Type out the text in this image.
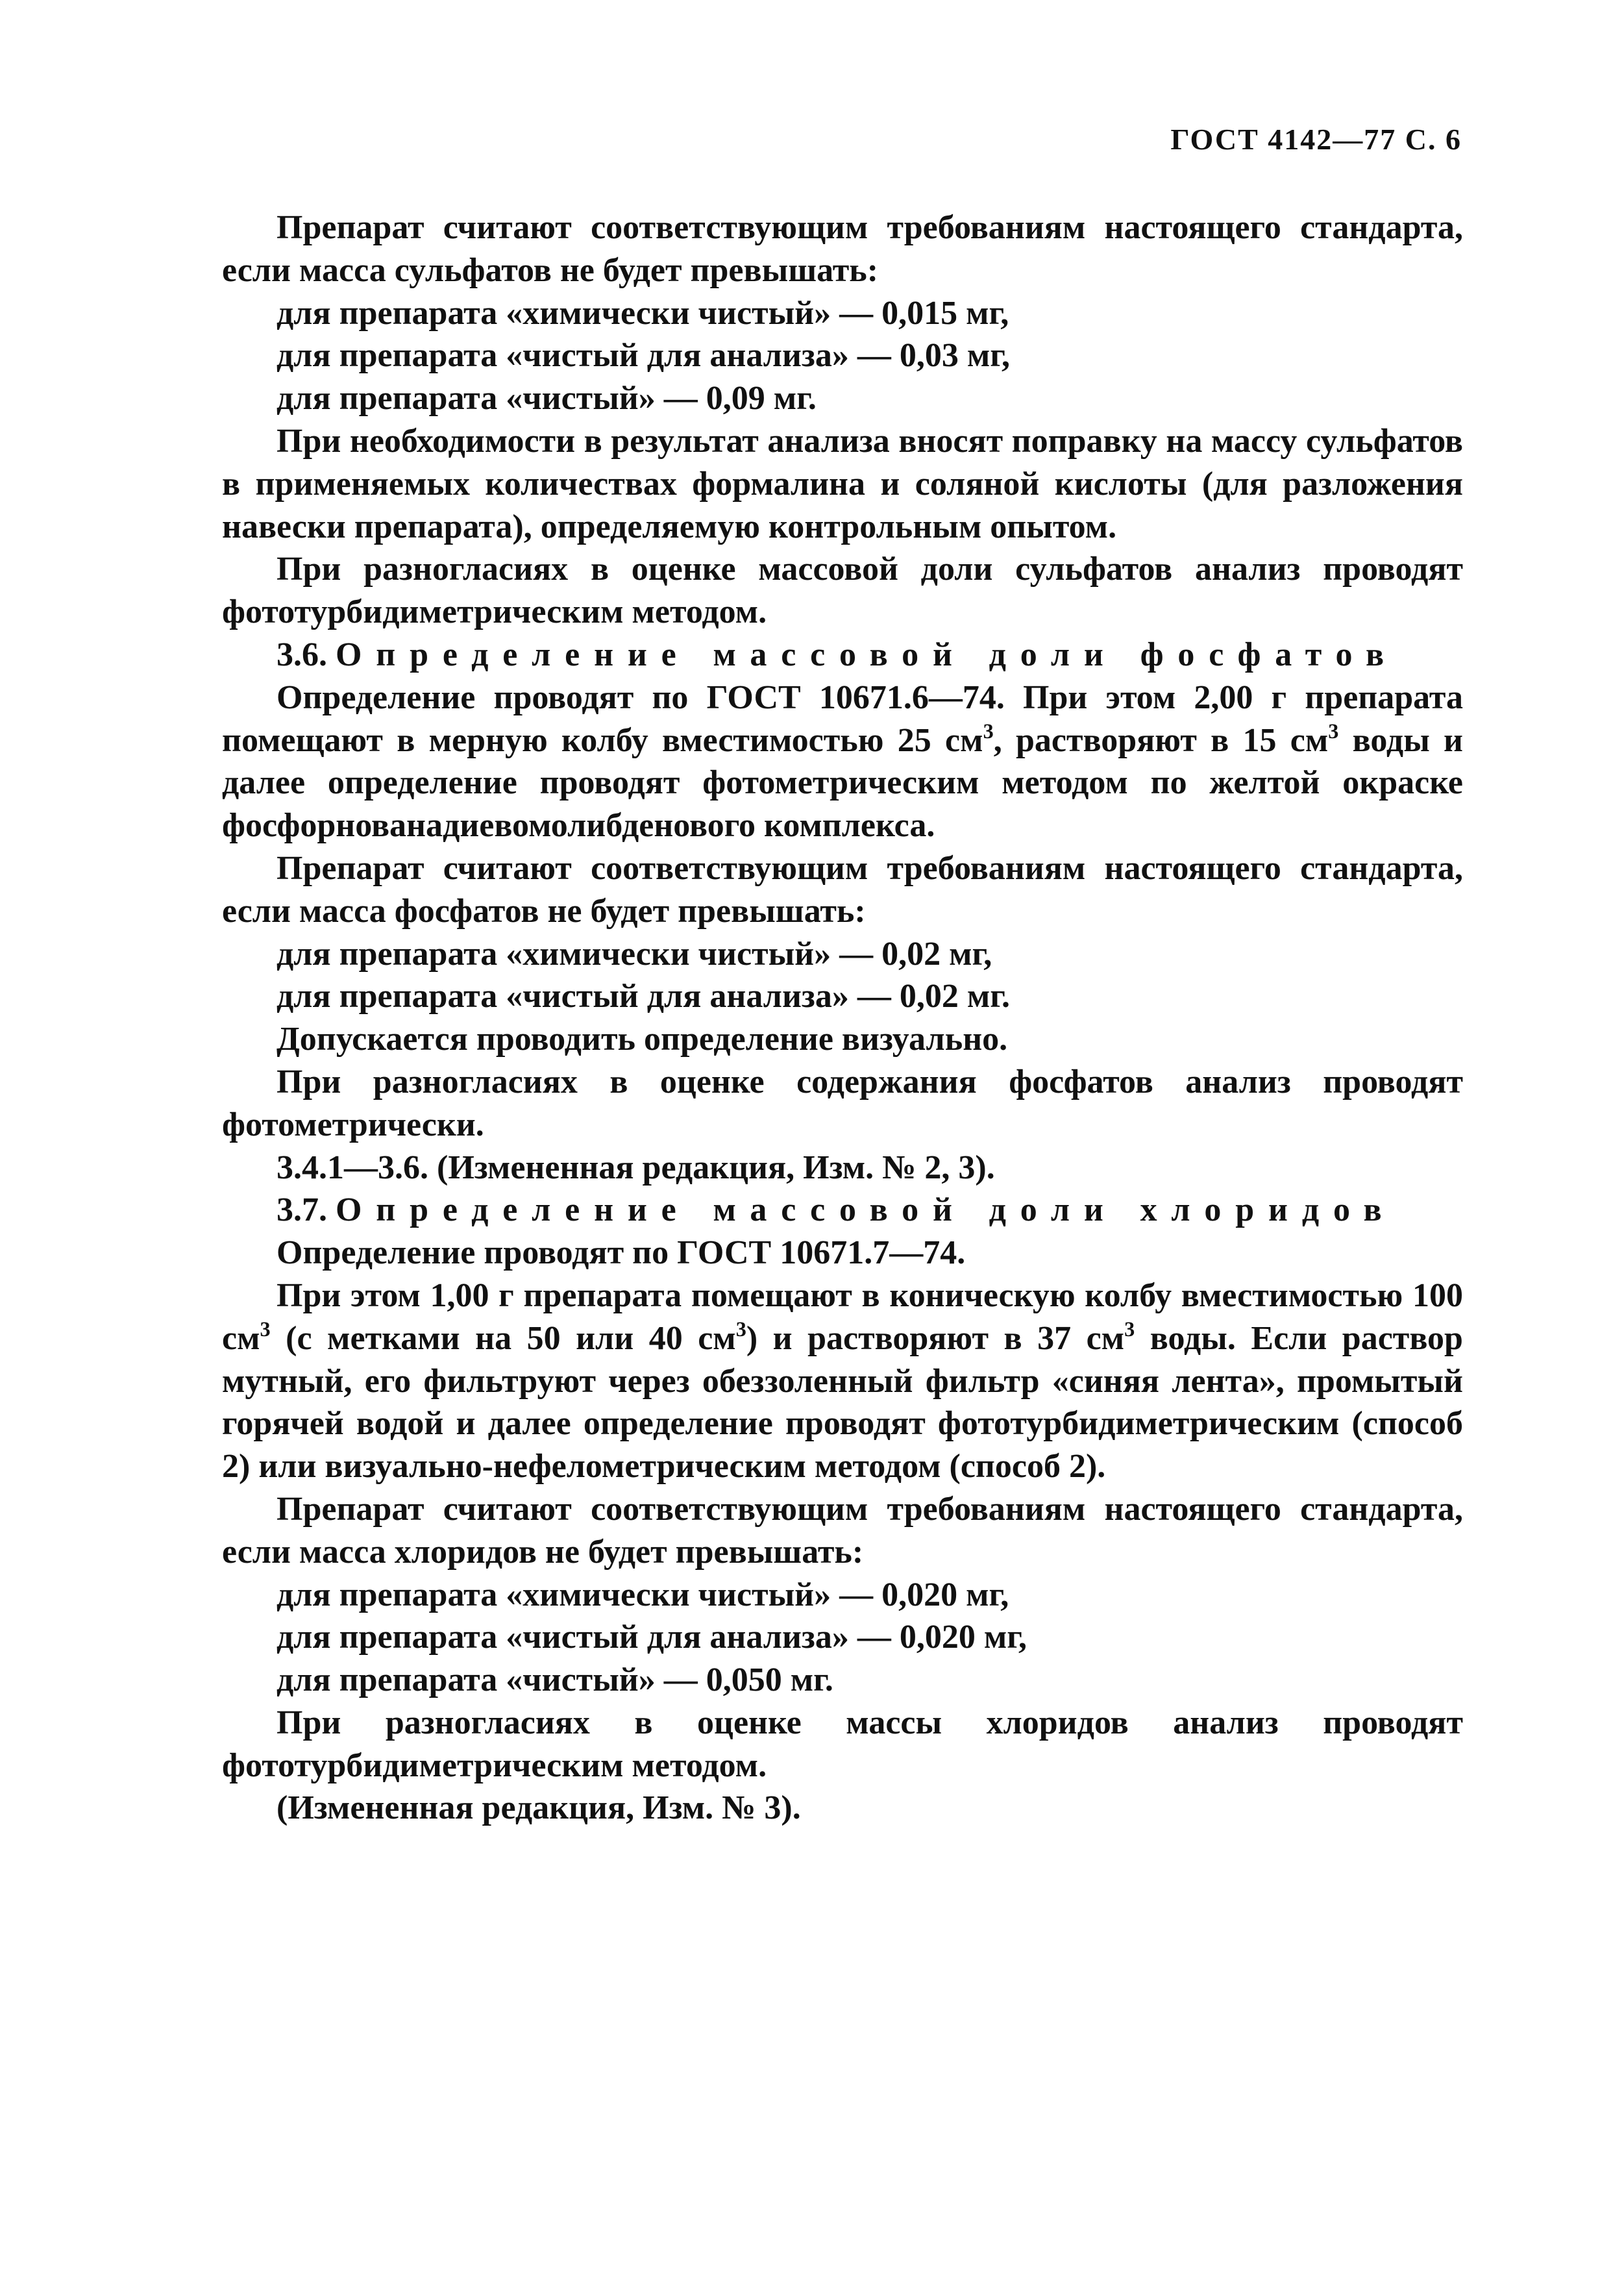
ГОСТ 4142—77 С. 6

Препарат считают соответствующим требованиям настоящего стандарта, если масса сульфатов не будет превышать:

для препарата «химически чистый» — 0,015 мг,

для препарата «чистый для анализа» — 0,03 мг,

для препарата «чистый» — 0,09 мг.

При необходимости в результат анализа вносят поправку на массу сульфатов в применяемых количествах формалина и соляной кислоты (для разложения навески препарата), определяемую контрольным опытом.

При разногласиях в оценке массовой доли сульфатов анализ проводят фототурбидиметрическим методом.

3.6. Определение массовой доли фосфатов

Определение проводят по ГОСТ 10671.6—74. При этом 2,00 г препарата помещают в мерную колбу вместимостью 25 $см^3$, растворяют в 15 $см^3$ воды и далее определение проводят фотометрическим методом по желтой окраске фосфорнованадиевомолибденового комплекса.

Препарат считают соответствующим требованиям настоящего стандарта, если масса фосфатов не будет превышать:

для препарата «химически чистый» — 0,02 мг,

для препарата «чистый для анализа» — 0,02 мг.

Допускается проводить определение визуально.

При разногласиях в оценке содержания фосфатов анализ проводят фотометрически.

3.4.1—3.6. (Измененная редакция, Изм. № 2, 3).

3.7. Определение массовой доли хлоридов

Определение проводят по ГОСТ 10671.7—74.

При этом 1,00 г препарата помещают в коническую колбу вместимостью 100 $см^3$ (с метками на 50 или 40 $см^3$) и растворяют в 37 $см^3$ воды. Если раствор мутный, его фильтруют через обеззоленный фильтр «синяя лента», промытый горячей водой и далее определение проводят фототурбидиметрическим (способ 2) или визуально-нефелометрическим методом (способ 2).

Препарат считают соответствующим требованиям настоящего стандарта, если масса хлоридов не будет превышать:

для препарата «химически чистый» — 0,020 мг,

для препарата «чистый для анализа» — 0,020 мг,

для препарата «чистый» — 0,050 мг.

При разногласиях в оценке массы хлоридов анализ проводят фототурбидиметрическим методом.

(Измененная редакция, Изм. № 3).
